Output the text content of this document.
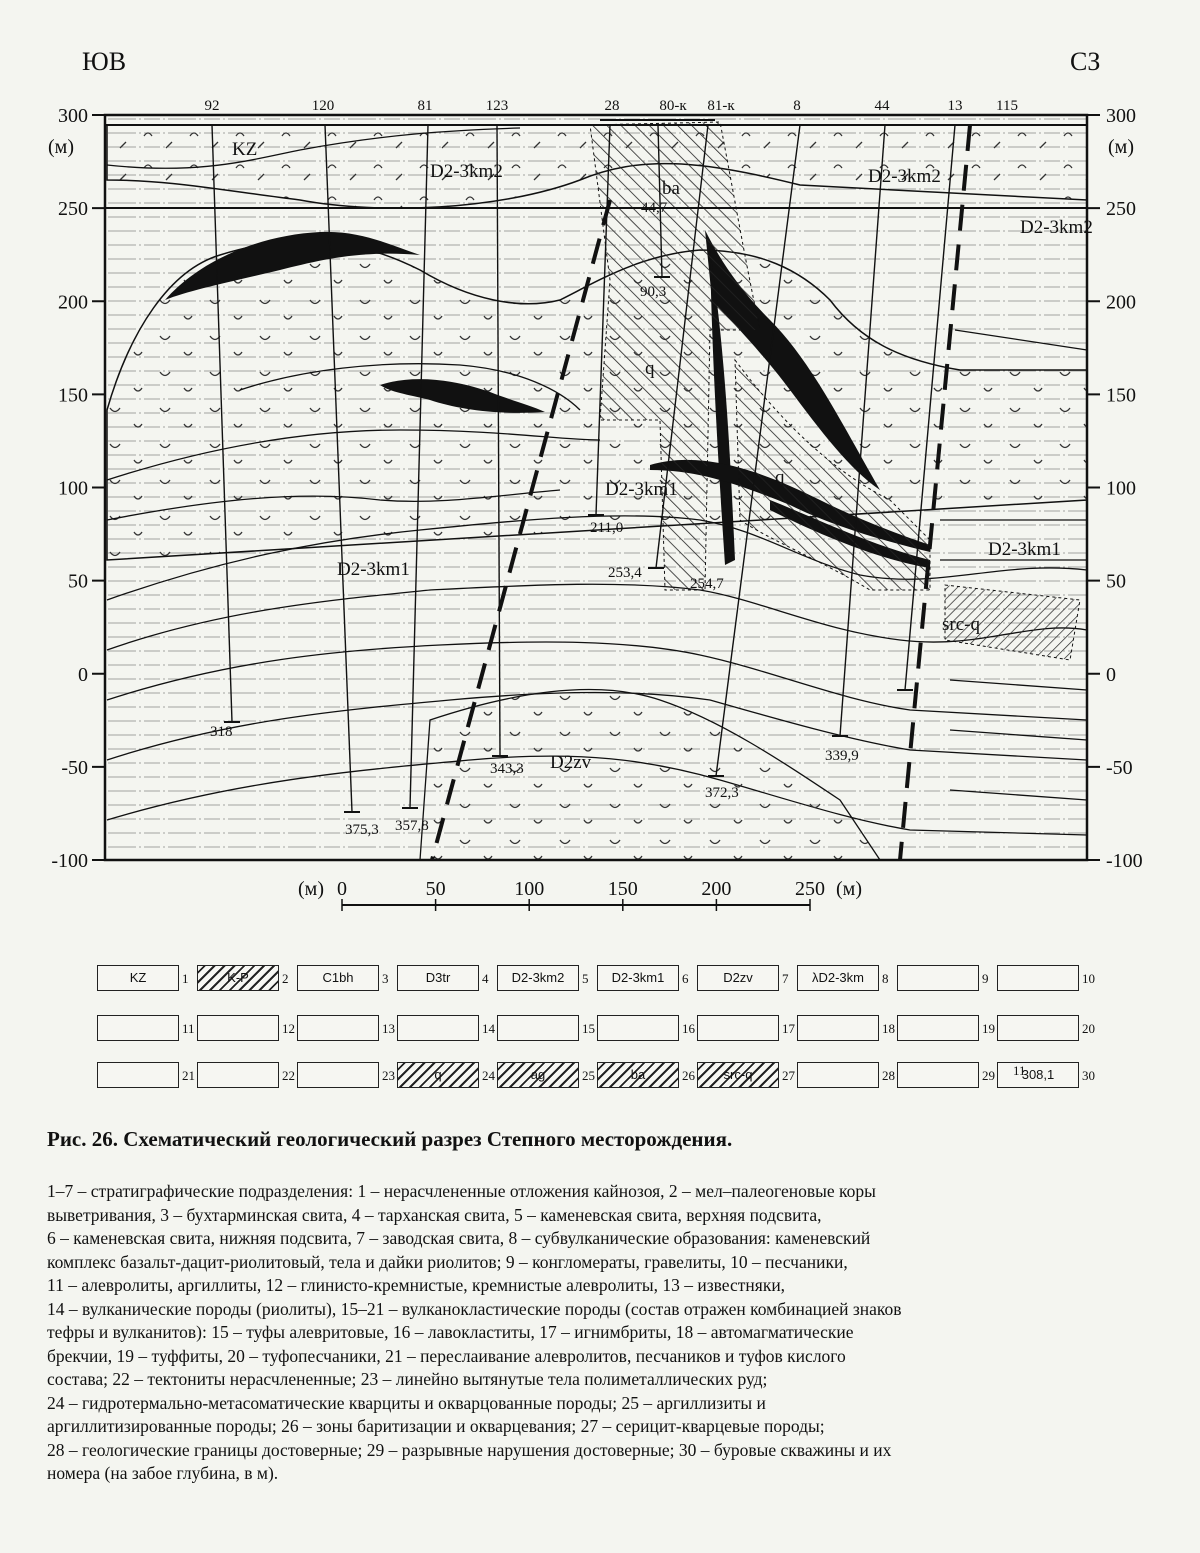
ЮВ	СЗ
300
250
200
150
100
50
0
-50
-100
300
250
200
150
100
50
0
-50
-100
(м)	(м)
92
318
120
375,3
81
357,8
123
343,3
28
211,0
80-к
90,3
81-к
253,4
8
254,7
44
372,3
13
339,9
115
KZ
D2-3km2	D2-3km2
D2-3km2
D2-3km1
D2-3km1
D2-3km1
D2zv
ba
44,7
q
q
src-q
(м)	(м)
0	50	100	150	200	250
KZ	1	K-P	2	C1bh	3	D3tr	4	D2-3km2	5	D2-3km1	6	D2zv	7	λD2-3km	8	9	10
11	12	13	14	15	16	17	18	19	20
21	22	23	q	24	ag	25	ba	26	src-q	27	28	29	308,1	30
11
Рис. 26. Схематический геологический разрез Степного месторождения.
1–7 – стратиграфические подразделения: 1 – нерасчлененные отложения кайнозоя, 2 – мел–палеогеновые коры
выветривания, 3 – бухтарминская свита, 4 – тарханская свита, 5 – каменевская свита, верхняя подсвита,
6 – каменевская свита, нижняя подсвита, 7 – заводская свита, 8 – субвулканические образования: каменевский
комплекс базальт-дацит-риолитовый, тела и дайки риолитов; 9 – конгломераты, гравелиты, 10 – песчаники,
11 – алевролиты, аргиллиты, 12 – глинисто-кремнистые, кремнистые алевролиты, 13 – известняки,
14 – вулканические породы (риолиты), 15–21 – вулканокластические породы (состав отражен комбинацией знаков
тефры и вулканитов): 15 – туфы алевритовые, 16 – лавокластиты, 17 – игнимбриты, 18 – автомагматические
брекчии, 19 – туффиты, 20 – туфопесчаники, 21 – переслаивание алевролитов, песчаников и туфов кислого
состава; 22 – тектониты нерасчлененные; 23 – линейно вытянутые тела полиметаллических руд;
24 – гидротермально-метасоматические кварциты и окварцованные породы; 25 – аргиллизиты и
аргиллитизированные породы; 26 – зоны баритизации и окварцевания; 27 – серицит-кварцевые породы;
28 – геологические границы достоверные; 29 – разрывные нарушения достоверные; 30 – буровые скважины и их
номера (на забое глубина, в м).
